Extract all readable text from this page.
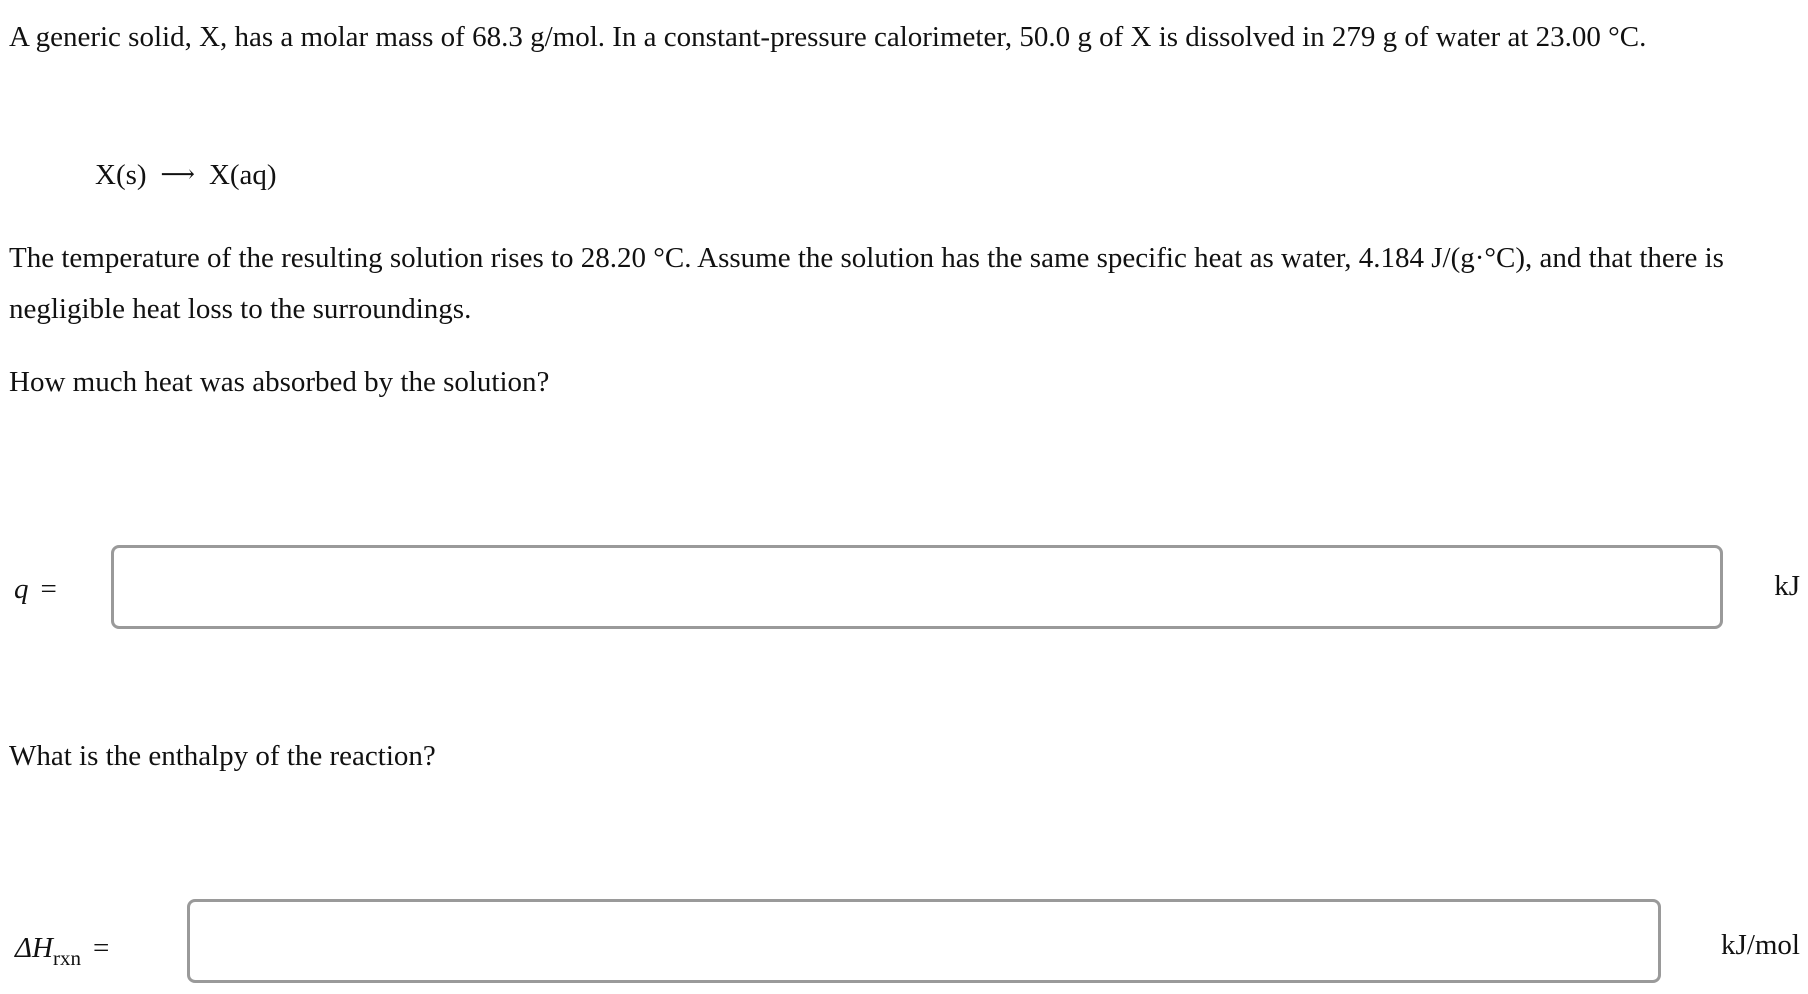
A generic solid, X, has a molar mass of 68.3 g/mol. In a constant-pressure calorimeter, 50.0 g of X is dissolved in 279 g of water at 23.00 °C.

X(s) ⟶ X(aq)

The temperature of the resulting solution rises to 28.20 °C. Assume the solution has the same specific heat as water, 4.184 J/(g·°C), and that there is negligible heat loss to the surroundings.

How much heat was absorbed by the solution?

q =	kJ

What is the enthalpy of the reaction?

$\Delta H_{rxn}$ =	kJ/mol
